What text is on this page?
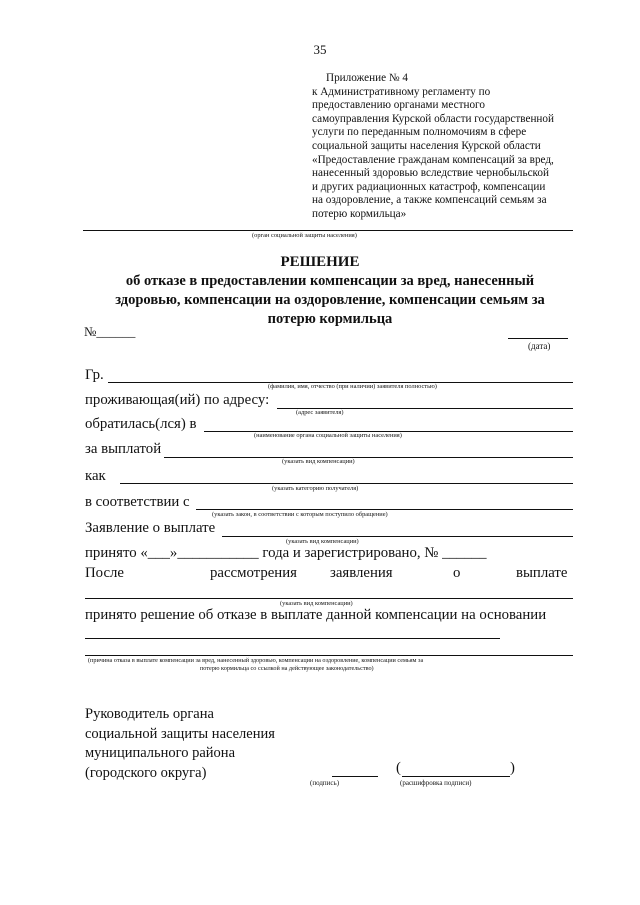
35
Приложение № 4
к Административному регламенту по
предоставлению органами местного
самоуправления Курской области государственной
услуги по переданным полномочиям в сфере
социальной защиты населения Курской области
«Предоставление гражданам компенсаций за вред,
нанесенный здоровью вследствие чернобыльской
и других радиационных катастроф, компенсации
на оздоровление, а также компенсаций семьям за
потерю кормильца»
(орган социальной защиты населения)
РЕШЕНИЕ
об отказе в предоставлении компенсации за вред, нанесенный
здоровью, компенсации на оздоровление, компенсации семьям за
потерю кормильца
№______
(дата)
Гр.
(фамилия, имя, отчество (при наличии) заявителя полностью)
проживающая(ий) по адресу:
(адрес заявителя)
обратилась(лся) в
(наименование органа социальной защиты населения)
за выплатой
(указать вид компенсации)
как
(указать категорию получателя)
в соответствии с
(указать закон, в соответствии с которым поступило обращение)
Заявление о выплате
(указать вид компенсации)
принято «___»___________ года и зарегистрировано, № ______
После	рассмотрения заявления	о	выплате
(указать вид компенсации)
принято решение об отказе в выплате данной компенсации на основании
(причина отказа в выплате компенсации за вред, нанесенный здоровью, компенсации на оздоровление, компенсации семьям за
потерю кормильца со ссылкой на действующее законодательство)
Руководитель органа
социальной защиты населения
муниципального района
(городского округа)
(подпись)
(	)
(расшифровка подписи)
